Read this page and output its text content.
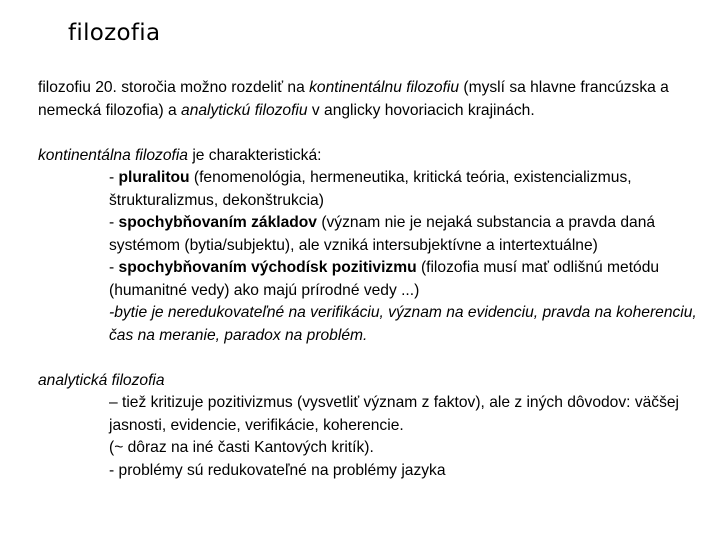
filozofia

filozofiu 20. storočia možno rozdeliť na kontinentálnu filozofiu (myslí sa hlavne francúzska a nemecká filozofia) a analytickú filozofiu v anglicky hovoriacich krajinách.

kontinentálna filozofia je charakteristická:

- pluralitou (fenomenológia, hermeneutika, kritická teória, existencializmus, štrukturalizmus, dekonštrukcia)

- spochybňovaním základov (význam nie je nejaká substancia a pravda daná systémom (bytia/subjektu), ale vzniká intersubjektívne a intertextuálne)

- spochybňovaním východísk pozitivizmu (filozofia musí mať odlišnú metódu (humanitné vedy) ako majú prírodné vedy ...)

-bytie je neredukovateľné na verifikáciu, význam na evidenciu, pravda na koherenciu, čas na meranie, paradox na problém.

analytická filozofia

– tiež kritizuje pozitivizmus (vysvetliť význam z faktov), ale z iných dôvodov: väčšej jasnosti, evidencie, verifikácie, koherencie.

(~ dôraz na iné časti Kantových kritík).

- problémy sú redukovateľné na problémy jazyka
